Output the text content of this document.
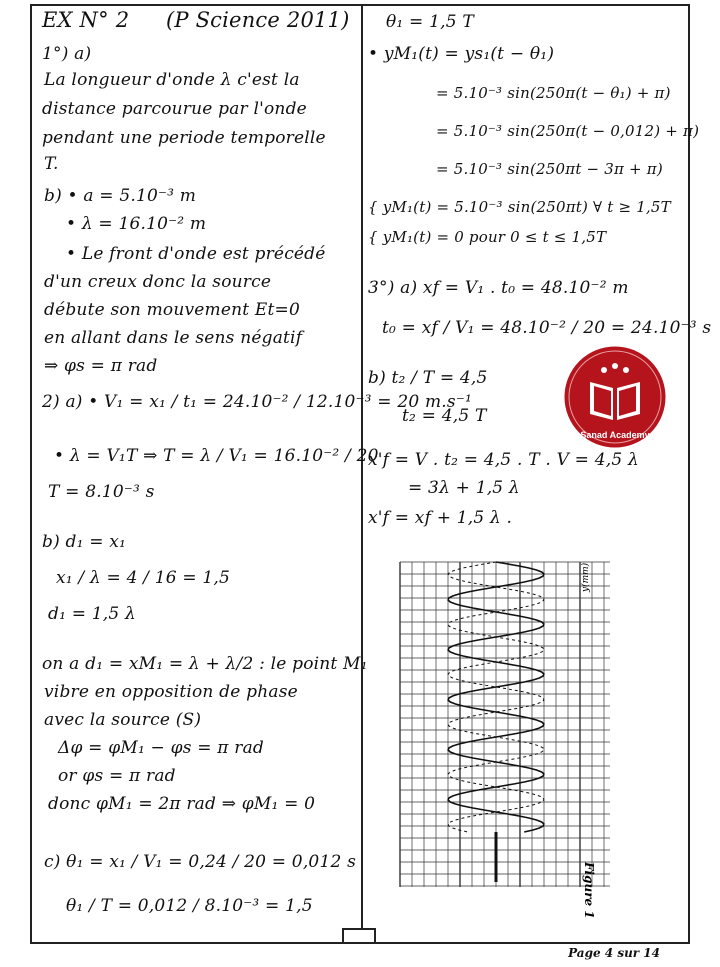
EX N° 2 (P Science 2011)
1°) a)
La longueur d'onde λ c'est la
distance parcourue par l'onde
pendant une periode temporelle
T.
b) • a = 5.10⁻³ m
• λ = 16.10⁻² m
• Le front d'onde est précédé
d'un creux donc la source
débute son mouvement Et=0
en allant dans le sens négatif
⇒ φs = π rad
2) a) • V₁ = x₁ / t₁ = 24.10⁻² / 12.10⁻³ = 20 m.s⁻¹
• λ = V₁T ⇒ T = λ / V₁ = 16.10⁻² / 20
T = 8.10⁻³ s
b) d₁ = x₁
x₁ / λ = 4 / 16 = 1,5
d₁ = 1,5 λ
on a d₁ = xM₁ = λ + λ/2 : le point M₁
vibre en opposition de phase
avec la source (S)
Δφ = φM₁ − φs = π rad
or φs = π rad
donc φM₁ = 2π rad ⇒ φM₁ = 0
c) θ₁ = x₁ / V₁ = 0,24 / 20 = 0,012 s
θ₁ / T = 0,012 / 8.10⁻³ = 1,5
θ₁ = 1,5 T
• yM₁(t) = ys₁(t − θ₁)
= 5.10⁻³ sin(250π(t − θ₁) + π)
= 5.10⁻³ sin(250π(t − 0,012) + π)
= 5.10⁻³ sin(250πt − 3π + π)
{ yM₁(t) = 5.10⁻³ sin(250πt) ∀ t ≥ 1,5T
{ yM₁(t) = 0 pour 0 ≤ t ≤ 1,5T
3°) a) xf = V₁ . t₀ = 48.10⁻² m
t₀ = xf / V₁ = 48.10⁻² / 20 = 24.10⁻³ s
b) t₂ / T = 4,5
t₂ = 4,5 T
x'f = V . t₂ = 4,5 . T . V = 4,5 λ
= 3λ + 1,5 λ
x'f = xf + 1,5 λ .
Sanad Academy
y(mm)
Figure 1
Page 4 sur 14
